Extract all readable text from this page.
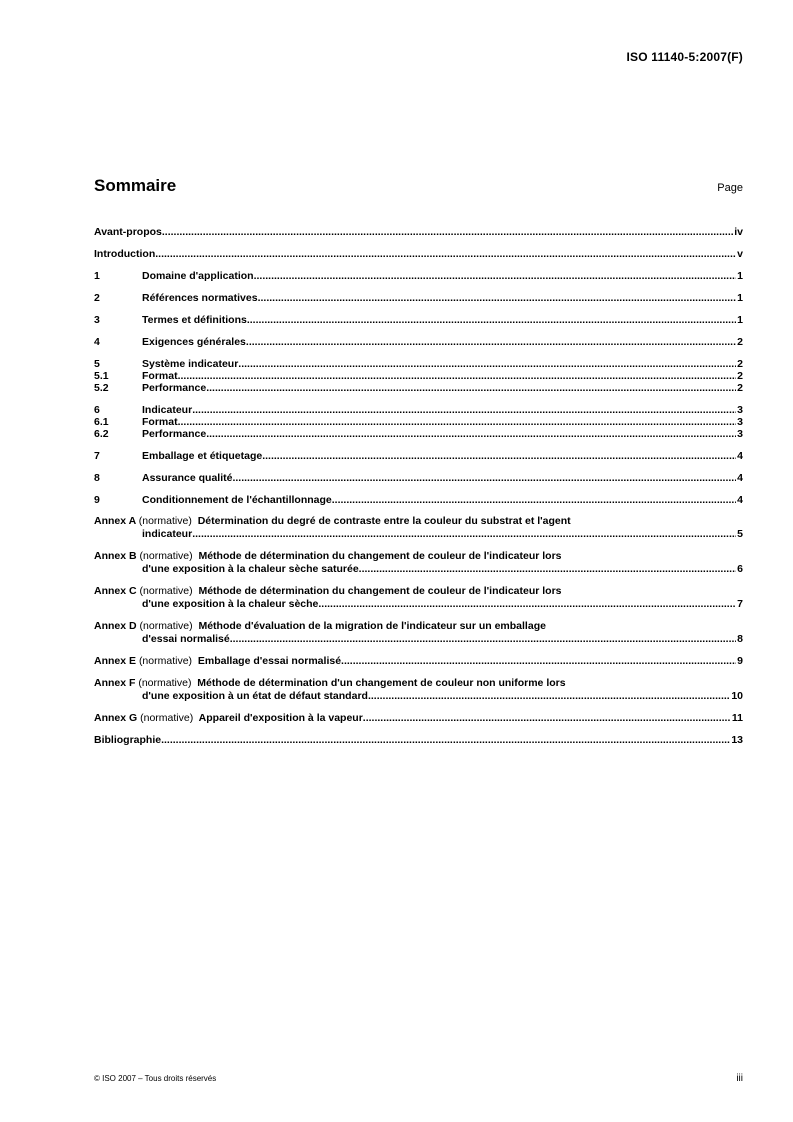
ISO 11140-5:2007(F)
Sommaire	Page
Avant-propos .....	iv
Introduction .....	v
1	Domaine d'application .....	1
2	Références normatives .....	1
3	Termes et définitions .....	1
4	Exigences générales .....	2
5	Système indicateur .....	2
5.1	Format .....	2
5.2	Performance .....	2
6	Indicateur .....	3
6.1	Format .....	3
6.2	Performance .....	3
7	Emballage et étiquetage .....	4
8	Assurance qualité .....	4
9	Conditionnement de l'échantillonnage .....	4
Annex A (normative) Détermination du degré de contraste entre la couleur du substrat et l'agent
indicateur .....	5
Annex B (normative) Méthode de détermination du changement de couleur de l'indicateur lors
d'une exposition à la chaleur sèche saturée .....	6
Annex C (normative) Méthode de détermination du changement de couleur de l'indicateur lors
d'une exposition à la chaleur sèche .....	7
Annex D (normative) Méthode d'évaluation de la migration de l'indicateur sur un emballage
d'essai normalisé .....	8
Annex E (normative) Emballage d'essai normalisé .....	9
Annex F (normative) Méthode de détermination d'un changement de couleur non uniforme lors
d'une exposition à un état de défaut standard .....	10
Annex G (normative) Appareil d'exposition à la vapeur .....	11
Bibliographie .....	13
© ISO 2007 – Tous droits réservés	iii
